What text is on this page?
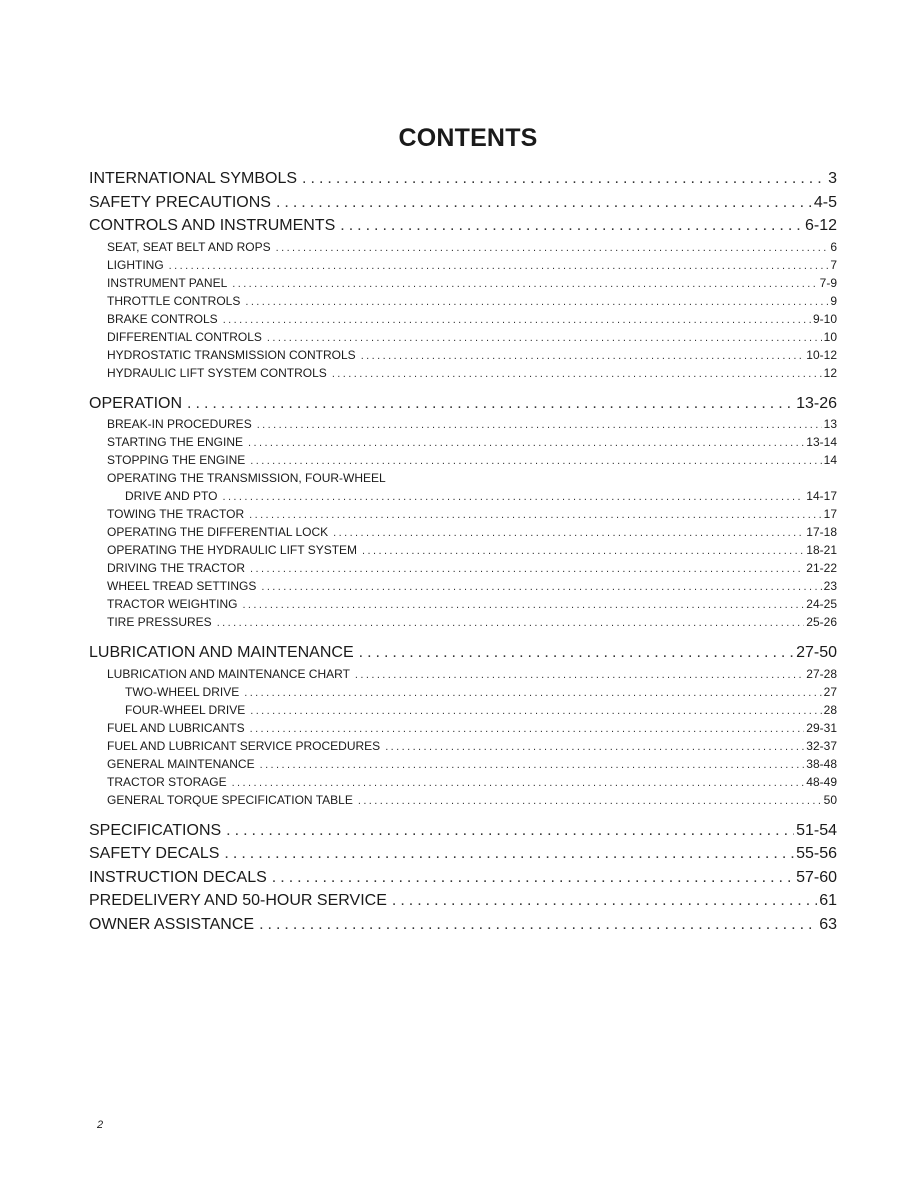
CONTENTS
INTERNATIONAL SYMBOLS .....	3
SAFETY PRECAUTIONS .....	4-5
CONTROLS AND INSTRUMENTS .....	6-12
SEAT, SEAT BELT AND ROPS .....	6
LIGHTING .....	7
INSTRUMENT PANEL .....	7-9
THROTTLE CONTROLS .....	9
BRAKE CONTROLS .....	9-10
DIFFERENTIAL CONTROLS .....	10
HYDROSTATIC TRANSMISSION CONTROLS .....	10-12
HYDRAULIC LIFT SYSTEM CONTROLS .....	12
OPERATION .....	13-26
BREAK-IN PROCEDURES .....	13
STARTING THE ENGINE .....	13-14
STOPPING THE ENGINE .....	14
OPERATING THE TRANSMISSION, FOUR-WHEEL
DRIVE AND PTO .....	14-17
TOWING THE TRACTOR .....	17
OPERATING THE DIFFERENTIAL LOCK .....	17-18
OPERATING THE HYDRAULIC LIFT SYSTEM .....	18-21
DRIVING THE TRACTOR .....	21-22
WHEEL TREAD SETTINGS .....	23
TRACTOR WEIGHTING .....	24-25
TIRE PRESSURES .....	25-26
LUBRICATION AND MAINTENANCE .....	27-50
LUBRICATION AND MAINTENANCE CHART .....	27-28
TWO-WHEEL DRIVE .....	27
FOUR-WHEEL DRIVE .....	28
FUEL AND LUBRICANTS .....	29-31
FUEL AND LUBRICANT SERVICE PROCEDURES .....	32-37
GENERAL MAINTENANCE .....	38-48
TRACTOR STORAGE .....	48-49
GENERAL TORQUE SPECIFICATION TABLE .....	50
SPECIFICATIONS .....	51-54
SAFETY DECALS .....	55-56
INSTRUCTION DECALS .....	57-60
PREDELIVERY AND 50-HOUR SERVICE .....	61
OWNER ASSISTANCE .....	63
2
